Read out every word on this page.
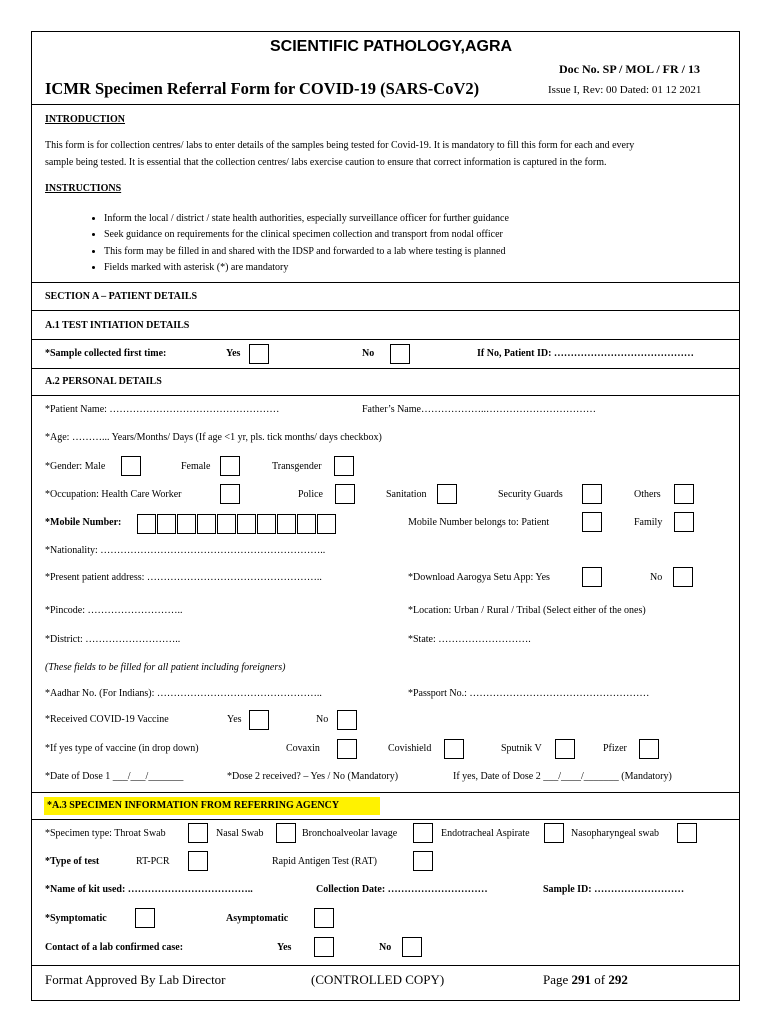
SCIENTIFIC PATHOLOGY,AGRA
Doc No. SP / MOL / FR / 13
ICMR Specimen Referral Form for COVID-19 (SARS-CoV2)	Issue I, Rev: 00 Dated: 01 12 2021
INTRODUCTION
This form is for collection centres/ labs to enter details of the samples being tested for Covid-19. It is mandatory to fill this form for each and every
sample being tested. It is essential that the collection centres/ labs exercise caution to ensure that correct information is captured in the form.
INSTRUCTIONS
• Inform the local / district / state health authorities, especially surveillance officer for further guidance
• Seek guidance on requirements for the clinical specimen collection and transport from nodal officer
• This form may be filled in and shared with the IDSP and forwarded to a lab where testing is planned
• Fields marked with asterisk (*) are mandatory
SECTION A – PATIENT DETAILS
A.1 TEST INTIATION DETAILS
*Sample collected first time:	Yes	No	If No, Patient ID: ……………………………………
A.2 PERSONAL DETAILS
*Patient Name: ……………………………………………	Father’s Name………………..……………………………
*Age: ………... Years/Months/ Days (If age <1 yr, pls. tick months/ days checkbox)
*Gender: Male	Female	Transgender
*Occupation: Health Care Worker	Police	Sanitation	Security Guards	Others
*Mobile Number:	Mobile Number belongs to: Patient	Family
*Nationality: …………………………………………………………..
*Present patient address: ……………………………………………..	*Download Aarogya Setu App: Yes	No
*Pincode: ………………………..	*Location: Urban / Rural / Tribal (Select either of the ones)
*District: ………………………..	*State: ……………………….
(These fields to be filled for all patient including foreigners)
*Aadhar No. (For Indians): …………………………………………..	*Passport No.: ………………………………………………
*Received COVID-19 Vaccine	Yes	No
*If yes type of vaccine (in drop down)	Covaxin	Covishield	Sputnik V	Pfizer
*Date of Dose 1 ___/___/_______	*Dose 2 received? – Yes / No (Mandatory)	If yes, Date of Dose 2 ___/____/_______ (Mandatory)
*A.3 SPECIMEN INFORMATION FROM REFERRING AGENCY
*Specimen type: Throat Swab	Nasal Swab	Bronchoalveolar lavage	Endotracheal Aspirate	Nasopharyngeal swab
*Type of test	RT-PCR	Rapid Antigen Test (RAT)
*Name of kit used: ………………………………..	Collection Date: …………………………	Sample ID: ………………………
*Symptomatic	Asymptomatic
Contact of a lab confirmed case:	Yes	No
Format Approved By Lab Director	(CONTROLLED COPY)	Page 291 of 292
